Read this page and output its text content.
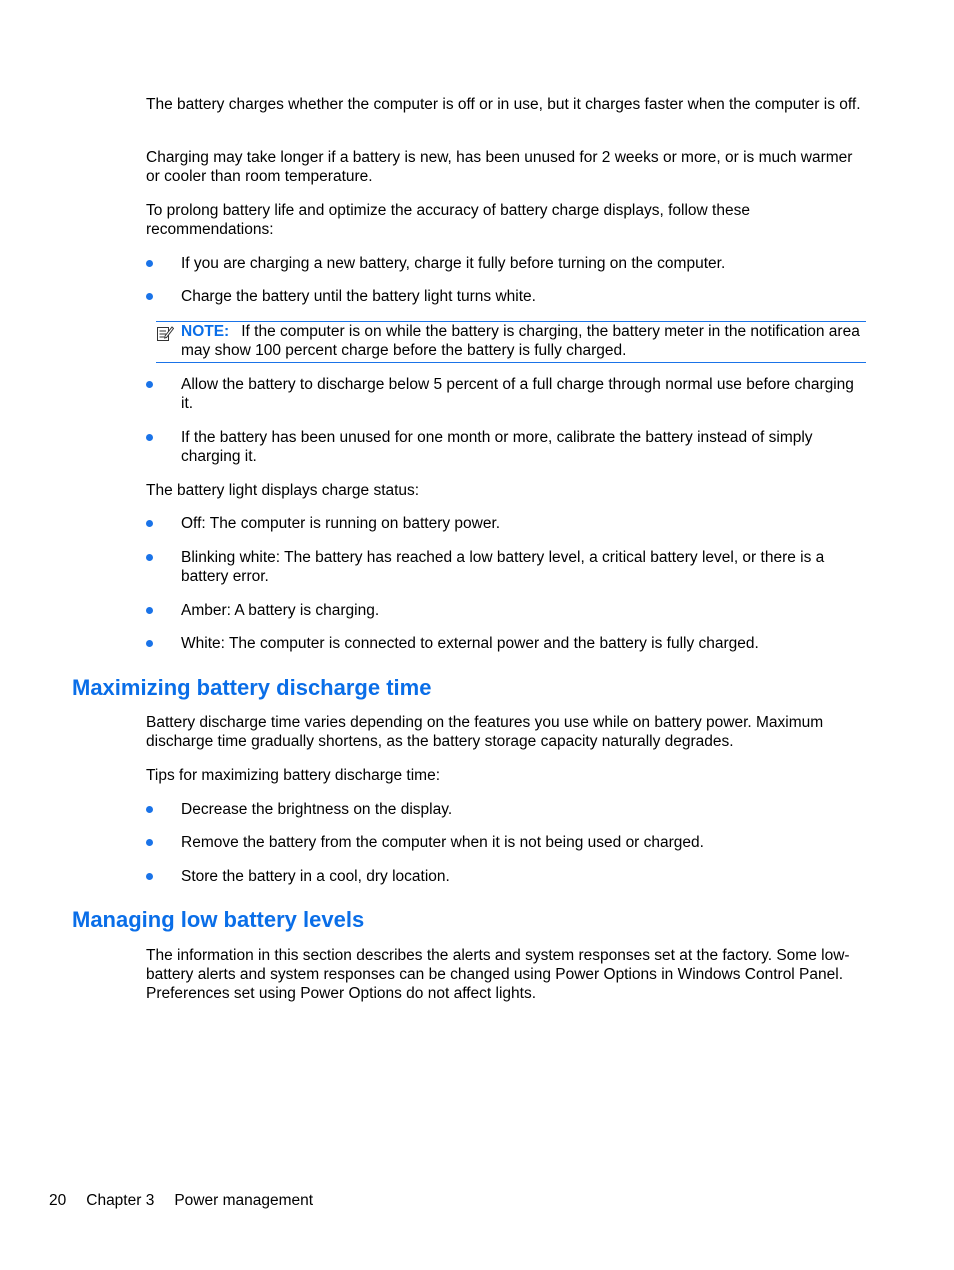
The battery charges whether the computer is off or in use, but it charges faster when the computer is off.

Charging may take longer if a battery is new, has been unused for 2 weeks or more, or is much warmer or cooler than room temperature.

To prolong battery life and optimize the accuracy of battery charge displays, follow these recommendations:

If you are charging a new battery, charge it fully before turning on the computer.
Charge the battery until the battery light turns white.
NOTE: If the computer is on while the battery is charging, the battery meter in the notification area may show 100 percent charge before the battery is fully charged.
Allow the battery to discharge below 5 percent of a full charge through normal use before charging it.
If the battery has been unused for one month or more, calibrate the battery instead of simply charging it.

The battery light displays charge status:

Off: The computer is running on battery power.
Blinking white: The battery has reached a low battery level, a critical battery level, or there is a battery error.
Amber: A battery is charging.
White: The computer is connected to external power and the battery is fully charged.
Maximizing battery discharge time

Battery discharge time varies depending on the features you use while on battery power. Maximum discharge time gradually shortens, as the battery storage capacity naturally degrades.

Tips for maximizing battery discharge time:

Decrease the brightness on the display.
Remove the battery from the computer when it is not being used or charged.
Store the battery in a cool, dry location.
Managing low battery levels

The information in this section describes the alerts and system responses set at the factory. Some low-battery alerts and system responses can be changed using Power Options in Windows Control Panel. Preferences set using Power Options do not affect lights.

20 Chapter 3 Power management
